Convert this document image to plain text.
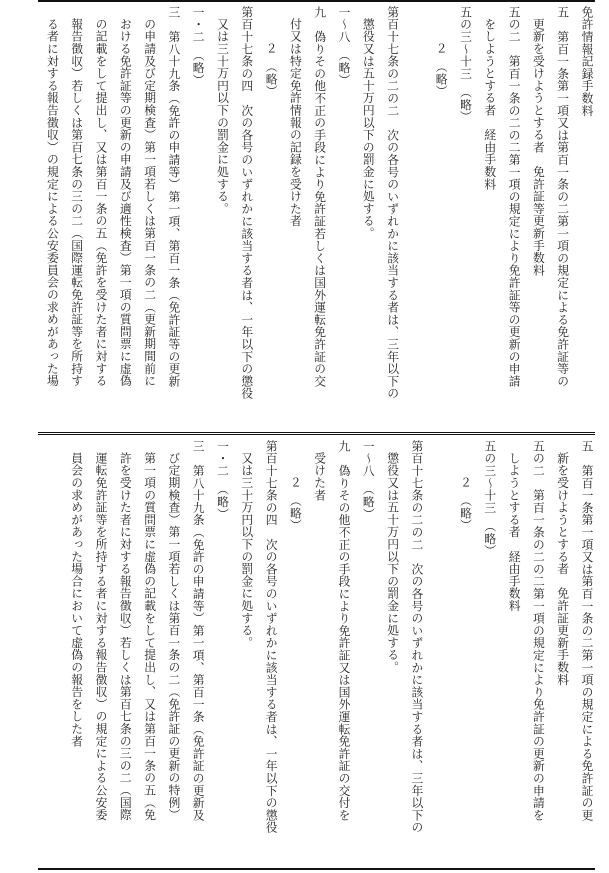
免許情報記録手数料
五　第百一条第一項又は第百一条の二第一項の規定による免許証等の
更新を受けようとする者　免許証等更新手数料
五の二　第百一条の二の二第一項の規定により免許証等の更新の申請
をしようとする者　経由手数料
五の三～十三　（略）
２　（略）
第百十七条の二の二　次の各号のいずれかに該当する者は、三年以下の
懲役又は五十万円以下の罰金に処する。
一～八　（略）
九　偽りその他不正の手段により免許証若しくは国外運転免許証の交
付又は特定免許情報の記録を受けた者
２　（略）
第百十七条の四　次の各号のいずれかに該当する者は、一年以下の懲役
又は三十万円以下の罰金に処する。
一・二　（略）
三　第八十九条（免許の申請等）第一項、第百一条（免許証等の更新
の申請及び定期検査）第一項若しくは第百一条の二（更新期間前に
おける免許証等の更新の申請及び適性検査）第一項の質問票に虚偽
の記載をして提出し、又は第百一条の五（免許を受けた者に対する
報告徴収）若しくは第百七条の三の二（国際運転免許証等を所持す
る者に対する報告徴収）の規定による公安委員会の求めがあった場
五　第百一条第一項又は第百一条の二第一項の規定による免許証の更
新を受けようとする者　免許証更新手数料
五の二　第百一条の二の二第一項の規定により免許証の更新の申請を
しようとする者　経由手数料
五の三～十三　（略）
２　（略）
第百十七条の二の二　次の各号のいずれかに該当する者は、三年以下の
懲役又は五十万円以下の罰金に処する。
一～八　（略）
九　偽りその他不正の手段により免許証又は国外運転免許証の交付を
受けた者
２　（略）
第百十七条の四　次の各号のいずれかに該当する者は、一年以下の懲役
又は三十万円以下の罰金に処する。
一・二　（略）
三　第八十九条（免許の申請等）第一項、第百一条（免許証の更新及
び定期検査）第一項若しくは第百一条の二（免許証の更新の特例）
第一項の質問票に虚偽の記載をして提出し、又は第百一条の五（免
許を受けた者に対する報告徴収）若しくは第百七条の三の二（国際
運転免許証等を所持する者に対する報告徴収）の規定による公安委
員会の求めがあった場合において虚偽の報告をした者
